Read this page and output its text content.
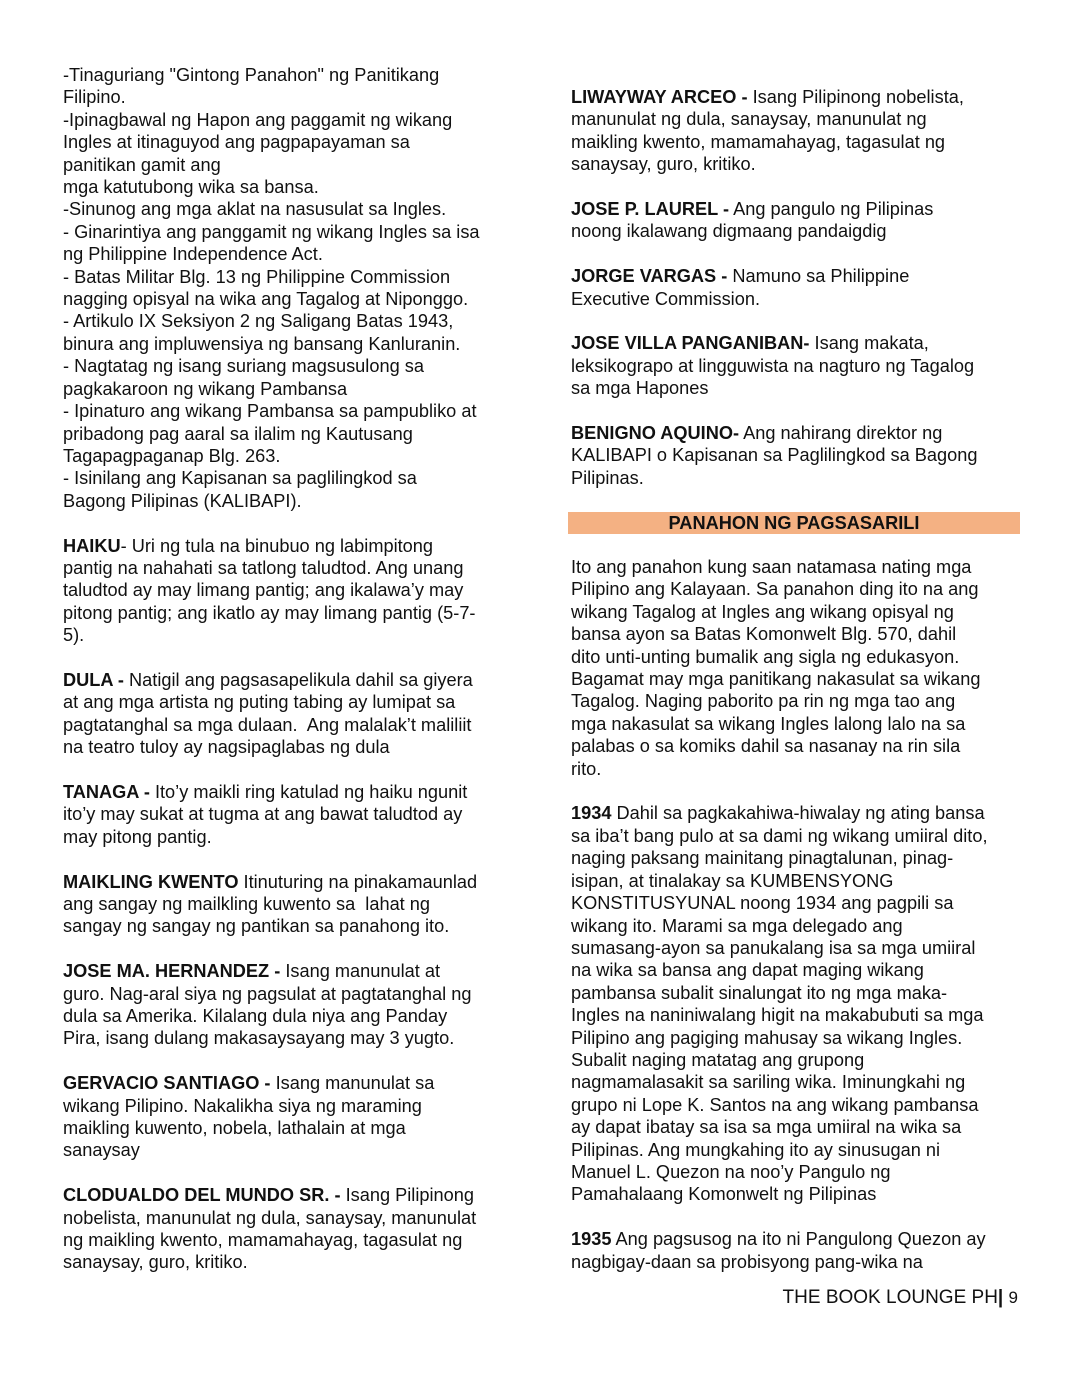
-Tinaguriang "Gintong Panahon" ng Panitikang
Filipino.
-Ipinagbawal ng Hapon ang paggamit ng wikang
Ingles at itinaguyod ang pagpapayaman sa
panitikan gamit ang
mga katutubong wika sa bansa.
-Sinunog ang mga aklat na nasusulat sa Ingles.
- Ginarintiya ang panggamit ng wikang Ingles sa isa
ng Philippine Independence Act.
- Batas Militar Blg. 13 ng Philippine Commission
nagging opisyal na wika ang Tagalog at Niponggo.
- Artikulo IX Seksiyon 2 ng Saligang Batas 1943,
binura ang impluwensiya ng bansang Kanluranin.
- Nagtatag ng isang suriang magsusulong sa
pagkakaroon ng wikang Pambansa
- Ipinaturo ang wikang Pambansa sa pampubliko at
pribadong pag aaral sa ilalim ng Kautusang
Tagapagpaganap Blg. 263.
- Isinilang ang Kapisanan sa paglilingkod sa
Bagong Pilipinas (KALIBAPI).
HAIKU- Uri ng tula na binubuo ng labimpitong
pantig na nahahati sa tatlong taludtod. Ang unang
taludtod ay may limang pantig; ang ikalawa’y may
pitong pantig; ang ikatlo ay may limang pantig (5-7-
5).
DULA - Natigil ang pagsasapelikula dahil sa giyera
at ang mga artista ng puting tabing ay lumipat sa
pagtatanghal sa mga dulaan.  Ang malalak’t maliliit
na teatro tuloy ay nagsipaglabas ng dula
TANAGA - Ito’y maikli ring katulad ng haiku ngunit
ito’y may sukat at tugma at ang bawat taludtod ay
may pitong pantig.
MAIKLING KWENTO Itinuturing na pinakamaunlad
ang sangay ng mailkling kuwento sa  lahat ng
sangay ng sangay ng pantikan sa panahong ito.
JOSE MA. HERNANDEZ - Isang manunulat at
guro. Nag-aral siya ng pagsulat at pagtatanghal ng
dula sa Amerika. Kilalang dula niya ang Panday
Pira, isang dulang makasaysayang may 3 yugto.
GERVACIO SANTIAGO - Isang manunulat sa
wikang Pilipino. Nakalikha siya ng maraming
maikling kuwento, nobela, lathalain at mga
sanaysay
CLODUALDO DEL MUNDO SR. - Isang Pilipinong
nobelista, manunulat ng dula, sanaysay, manunulat
ng maikling kwento, mamamahayag, tagasulat ng
sanaysay, guro, kritiko.
LIWAYWAY ARCEO - Isang Pilipinong nobelista,
manunulat ng dula, sanaysay, manunulat ng
maikling kwento, mamamahayag, tagasulat ng
sanaysay, guro, kritiko.
JOSE P. LAUREL - Ang pangulo ng Pilipinas
noong ikalawang digmaang pandaigdig
JORGE VARGAS - Namuno sa Philippine
Executive Commission.
JOSE VILLA PANGANIBAN- Isang makata,
leksikograpo at lingguwista na nagturo ng Tagalog
sa mga Hapones
BENIGNO AQUINO- Ang nahirang direktor ng
KALIBAPI o Kapisanan sa Paglilingkod sa Bagong
Pilipinas.
PANAHON NG PAGSASARILI
Ito ang panahon kung saan natamasa nating mga
Pilipino ang Kalayaan. Sa panahon ding ito na ang
wikang Tagalog at Ingles ang wikang opisyal ng
bansa ayon sa Batas Komonwelt Blg. 570, dahil
dito unti-unting bumalik ang sigla ng edukasyon.
Bagamat may mga panitikang nakasulat sa wikang
Tagalog. Naging paborito pa rin ng mga tao ang
mga nakasulat sa wikang Ingles lalong lalo na sa
palabas o sa komiks dahil sa nasanay na rin sila
rito.
1934 Dahil sa pagkakahiwa-hiwalay ng ating bansa
sa iba’t bang pulo at sa dami ng wikang umiiral dito,
naging paksang mainitang pinagtalunan, pinag-
isipan, at tinalakay sa KUMBENSYONG
KONSTITUSYUNAL noong 1934 ang pagpili sa
wikang ito. Marami sa mga delegado ang
sumasang-ayon sa panukalang isa sa mga umiiral
na wika sa bansa ang dapat maging wikang
pambansa subalit sinalungat ito ng mga maka-
Ingles na naniniwalang higit na makabubuti sa mga
Pilipino ang pagiging mahusay sa wikang Ingles.
Subalit naging matatag ang grupong
nagmamalasakit sa sariling wika. Iminungkahi ng
grupo ni Lope K. Santos na ang wikang pambansa
ay dapat ibatay sa isa sa mga umiiral na wika sa
Pilipinas. Ang mungkahing ito ay sinusugan ni
Manuel L. Quezon na noo’y Pangulo ng
Pamahalaang Komonwelt ng Pilipinas
1935 Ang pagsusog na ito ni Pangulong Quezon ay
nagbigay-daan sa probisyong pang-wika na
THE BOOK LOUNGE PH| 9
